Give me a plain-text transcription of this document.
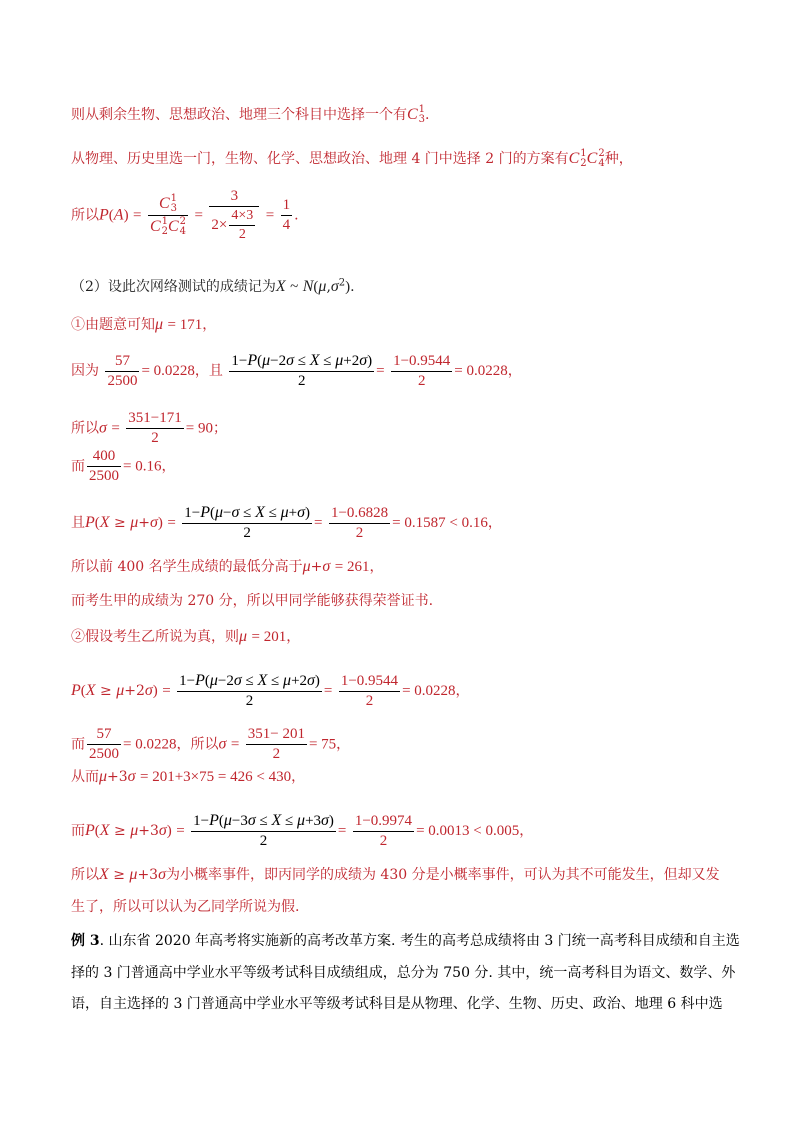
则从剩余生物、思想政治、地理三个科目中选择一个有C 1
3 .
从物理、历史里选一门，生物、化学、思想政治、地理 4 门中选择 2 门的方案有C 1
2 C 2
4 种，
所以P(A) = C 1
3
C 1
2 C 2
$4 = \frac{3}{2\times \frac{4\times 3}{2}} = \frac{1}{4}$ .
（2）设此次网络测试的成绩记为X ~ $N(\mu,\sigma^2)$.
①由题意可知μ = 171，
因为 $\frac{57}{2500} = 0.0228$，且 $\frac{1-P(\mu-2\sigma \le X \le \mu+2\sigma)}{2} = \frac{1-0.9544}{2} = 0.0228$，
所以$\sigma = \frac{351-171}{2} = 90$；
而 $\frac{400}{2500} = 0.16$，
且$P(X \ge \mu+\sigma) = \frac{1-P(\mu-\sigma \le X \le \mu+\sigma)}{2} = \frac{1-0.6828}{2} = 0.1587 < 0.16$，
所以前 400 名学生成绩的最低分高于μ+σ = 261，
而考生甲的成绩为 270 分，所以甲同学能够获得荣誉证书.
②假设考生乙所说为真，则μ = 201，
$P(X \ge \mu+2\sigma) = \frac{1-P(\mu-2\sigma \le X \le \mu+2\sigma)}{2} = \frac{1-0.9544}{2} = 0.0228$，
而 $\frac{57}{2500} = 0.0228$，所以$\sigma = \frac{351- 201}{2} = 75$，
从而μ+3σ = 201+3×75 = 426 < 430，
而$P(X \ge \mu+3\sigma) = \frac{1-P(\mu-3\sigma \le X \le \mu+3\sigma)}{2} = \frac{1-0.9974}{2} = 0.0013 < 0.005$，
所以X ≥ μ+3σ为小概率事件，即丙同学的成绩为 430 分是小概率事件，可认为其不可能发生，但却又发
生了，所以可以认为乙同学所说为假.
例 3. 山东省 2020 年高考将实施新的高考改革方案. 考生的高考总成绩将由 3 门统一高考科目成绩和自主选
择的 3 门普通高中学业水平等级考试科目成绩组成，总分为 750 分. 其中，统一高考科目为语文、数学、外
语，自主选择的 3 门普通高中学业水平等级考试科目是从物理、化学、生物、历史、政治、地理 6 科中选
